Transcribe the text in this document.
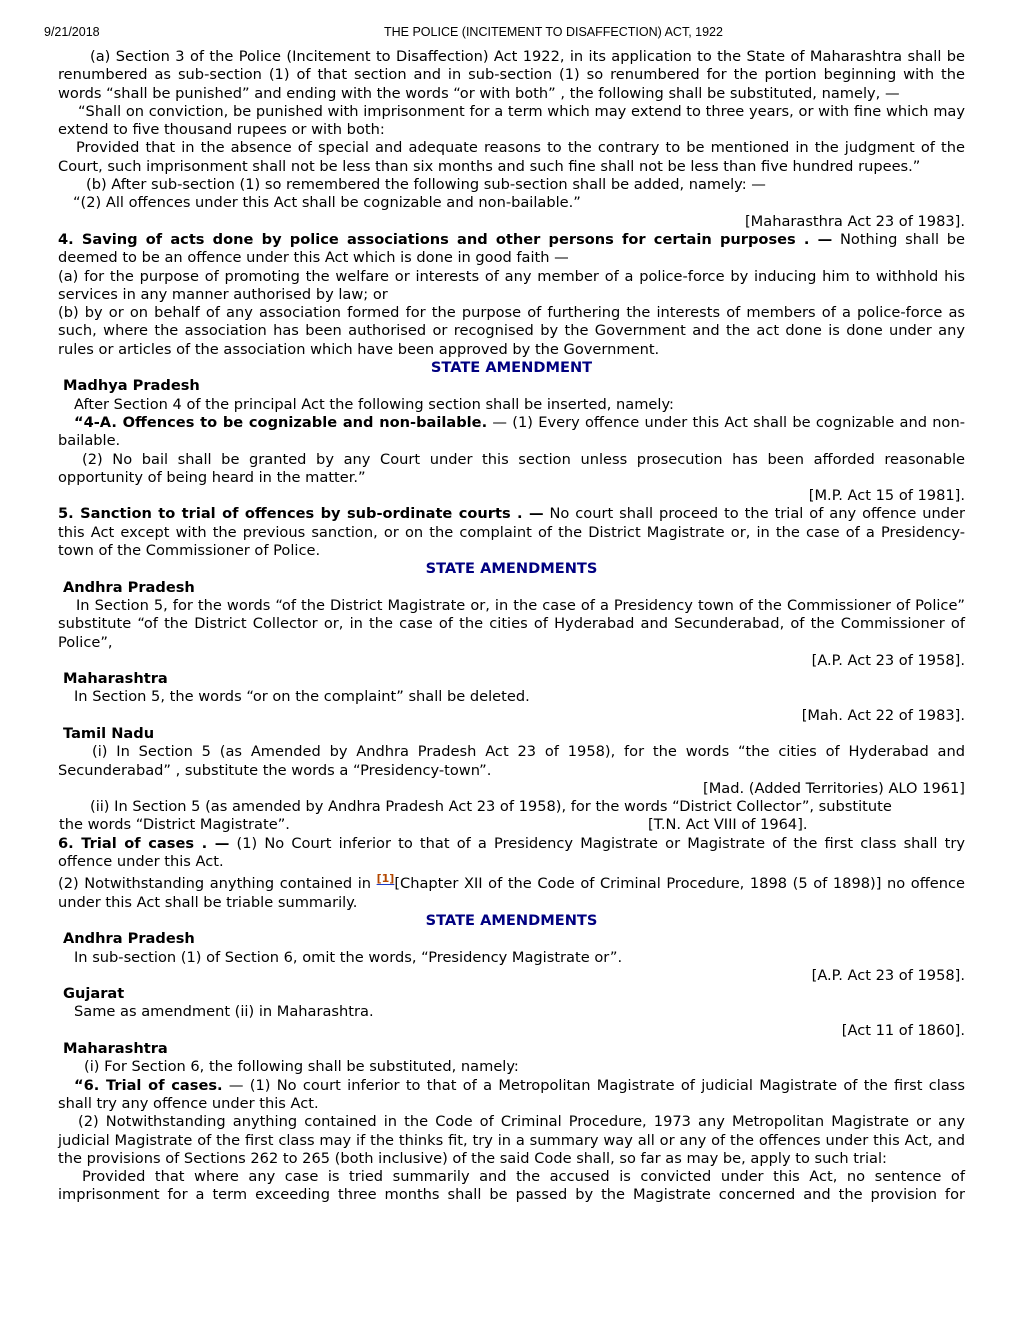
9/21/2018	THE POLICE (INCITEMENT TO DISAFFECTION) ACT, 1922

(a) Section 3 of the Police (Incitement to Disaffection) Act 1922, in its application to the State of Maharashtra shall be renumbered as sub-section (1) of that section and in sub-section (1) so renumbered for the portion beginning with the words “shall be punished” and ending with the words “or with both” , the following shall be substituted, namely, —

“Shall on conviction, be punished with imprisonment for a term which may extend to three years, or with fine which may extend to five thousand rupees or with both:

Provided that in the absence of special and adequate reasons to the contrary to be mentioned in the judgment of the Court, such imprisonment shall not be less than six months and such fine shall not be less than five hundred rupees.”

(b) After sub-section (1) so remembered the following sub-section shall be added, namely: —

“(2) All offences under this Act shall be cognizable and non-bailable.”

[Maharasthra Act 23 of 1983].

4. Saving of acts done by police associations and other persons for certain purposes . — Nothing shall be deemed to be an offence under this Act which is done in good faith —

(a) for the purpose of promoting the welfare or interests of any member of a police-force by inducing him to withhold his services in any manner authorised by law; or

(b) by or on behalf of any association formed for the purpose of furthering the interests of members of a police-force as such, where the association has been authorised or recognised by the Government and the act done is done under any rules or articles of the association which have been approved by the Government.

STATE AMENDMENT

Madhya Pradesh

After Section 4 of the principal Act the following section shall be inserted, namely:

“4-A. Offences to be cognizable and non-bailable. — (1) Every offence under this Act shall be cognizable and non-bailable.

(2) No bail shall be granted by any Court under this section unless prosecution has been afforded reasonable opportunity of being heard in the matter.”

[M.P. Act 15 of 1981].

5. Sanction to trial of offences by sub-ordinate courts . — No court shall proceed to the trial of any offence under this Act except with the previous sanction, or on the complaint of the District Magistrate or, in the case of a Presidency-town of the Commissioner of Police.

STATE AMENDMENTS

Andhra Pradesh

In Section 5, for the words “of the District Magistrate or, in the case of a Presidency town of the Commissioner of Police” substitute “of the District Collector or, in the case of the cities of Hyderabad and Secunderabad, of the Commissioner of Police”,

[A.P. Act 23 of 1958].

Maharashtra

In Section 5, the words “or on the complaint” shall be deleted.

[Mah. Act 22 of 1983].

Tamil Nadu

(i) In Section 5 (as Amended by Andhra Pradesh Act 23 of 1958), for the words “the cities of Hyderabad and Secunderabad” , substitute the words a “Presidency-town”.

[Mad. (Added Territories) ALO 1961]

(ii) In Section 5 (as amended by Andhra Pradesh Act 23 of 1958), for the words “District Collector”, substitute

the words “District Magistrate”.	[T.N. Act VIII of 1964].

6. Trial of cases . — (1) No Court inferior to that of a Presidency Magistrate or Magistrate of the first class shall try offence under this Act.

(2) Notwithstanding anything contained in [1][Chapter XII of the Code of Criminal Procedure, 1898 (5 of 1898)] no offence under this Act shall be triable summarily.

STATE AMENDMENTS

Andhra Pradesh

In sub-section (1) of Section 6, omit the words, “Presidency Magistrate or”.

[A.P. Act 23 of 1958].

Gujarat

Same as amendment (ii) in Maharashtra.

[Act 11 of 1860].

Maharashtra

(i) For Section 6, the following shall be substituted, namely:

“6. Trial of cases. — (1) No court inferior to that of a Metropolitan Magistrate of judicial Magistrate of the first class shall try any offence under this Act.

(2) Notwithstanding anything contained in the Code of Criminal Procedure, 1973 any Metropolitan Magistrate or any judicial Magistrate of the first class may if the thinks fit, try in a summary way all or any of the offences under this Act, and the provisions of Sections 262 to 265 (both inclusive) of the said Code shall, so far as may be, apply to such trial:

Provided that where any case is tried summarily and the accused is convicted under this Act, no sentence of imprisonment for a term exceeding three months shall be passed by the Magistrate concerned and the provision for
